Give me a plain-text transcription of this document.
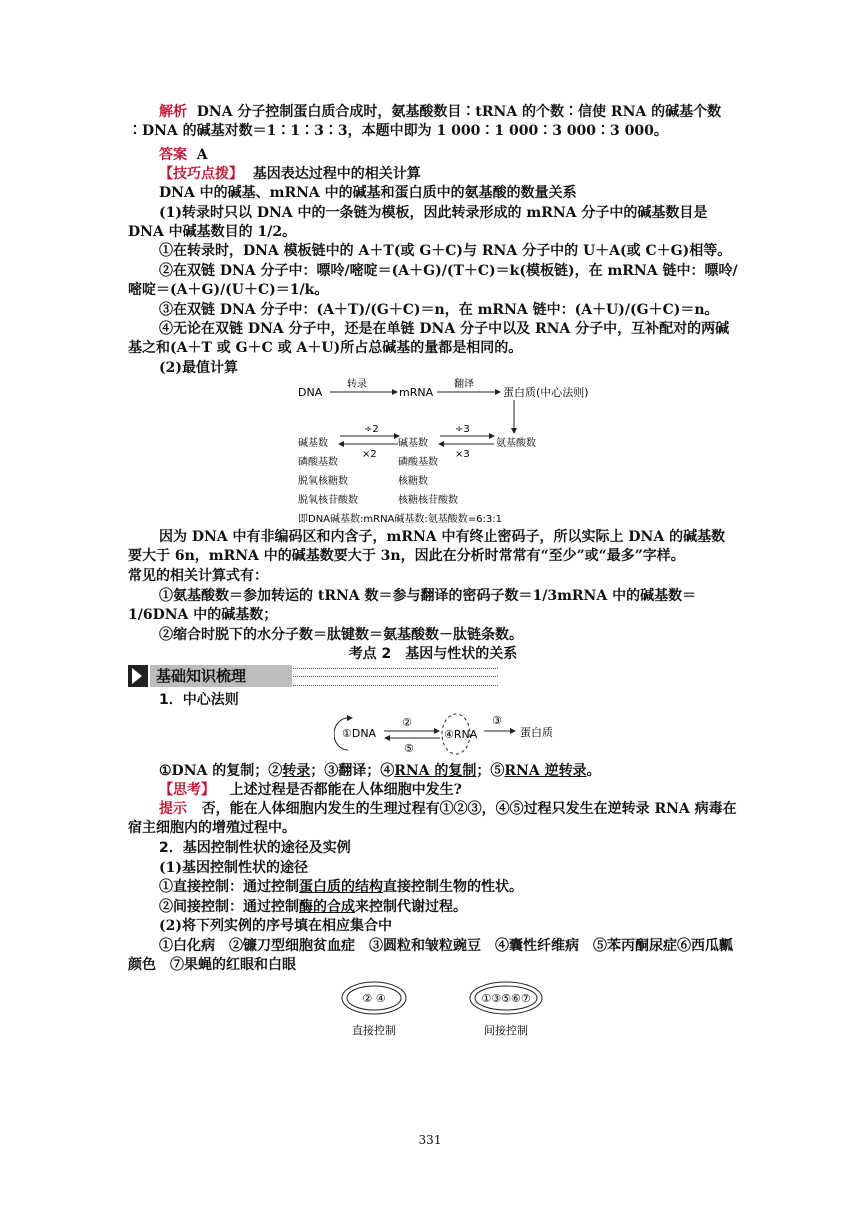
解析 DNA 分子控制蛋白质合成时，氨基酸数目∶tRNA 的个数∶信使 RNA 的碱基个数∶DNA 的碱基对数＝1∶1∶3∶3，本题中即为 1 000∶1 000∶3 000∶3 000。
答案 A
【技巧点拨】 基因表达过程中的相关计算
DNA 中的碱基、mRNA 中的碱基和蛋白质中的氨基酸的数量关系
(1)转录时只以 DNA 中的一条链为模板，因此转录形成的 mRNA 分子中的碱基数目是 DNA 中碱基数目的 1/2。
①在转录时，DNA 模板链中的 A＋T(或 G＋C)与 RNA 分子中的 U＋A(或 C＋G)相等。
②在双链 DNA 分子中：嘌呤/嘧啶＝(A＋G)/(T＋C)＝k(模板链)，在 mRNA 链中：嘌呤/嘧啶＝(A＋G)/(U＋C)＝1/k。
③在双链 DNA 分子中：(A＋T)/(G＋C)＝n，在 mRNA 链中：(A＋U)/(G＋C)＝n。
④无论在双链 DNA 分子中，还是在单链 DNA 分子中以及 RNA 分子中，互补配对的两碱基之和(A＋T 或 G＋C 或 A＋U)所占总碱基的量都是相同的。
(2)最值计算
DNA
转录
mRNA
翻译
蛋白质(中心法则)
碱基数
磷酸基数
脱氧核糖数
脱氧核苷酸数
÷2
×2
碱基数
磷酸基数
核糖数
核糖核苷酸数
÷3
×3
氨基酸数
即DNA碱基数:mRNA碱基数:氨基酸数=6:3:1
因为 DNA 中有非编码区和内含子，mRNA 中有终止密码子，所以实际上 DNA 的碱基数要大于 6n，mRNA 中的碱基数要大于 3n，因此在分析时常常有“至少”或“最多”字样。
常见的相关计算式有：
①氨基酸数＝参加转运的 tRNA 数＝参与翻译的密码子数＝1/3mRNA 中的碱基数＝1/6DNA 中的碱基数；
②缩合时脱下的水分子数＝肽键数＝氨基酸数－肽链条数。
考点 2　基因与性状的关系
基础知识梳理
1．中心法则
①DNA
②
⑤
④RNA
③
蛋白质
①DNA 的复制；②转录；③翻译；④RNA 的复制；⑤RNA 逆转录。
【思考】 上述过程是否都能在人体细胞中发生?
提示 否，能在人体细胞内发生的生理过程有①②③，④⑤过程只发生在逆转录 RNA 病毒在宿主细胞内的增殖过程中。
2．基因控制性状的途径及实例
(1)基因控制性状的途径
①直接控制：通过控制蛋白质的结构直接控制生物的性状。
②间接控制：通过控制酶的合成来控制代谢过程。
(2)将下列实例的序号填在相应集合中
①白化病　②镰刀型细胞贫血症　③圆粒和皱粒豌豆　④囊性纤维病　⑤苯丙酮尿症⑥西瓜瓤颜色　⑦果蝇的红眼和白眼
② ④
直接控制
①③⑤⑥⑦
间接控制
331
